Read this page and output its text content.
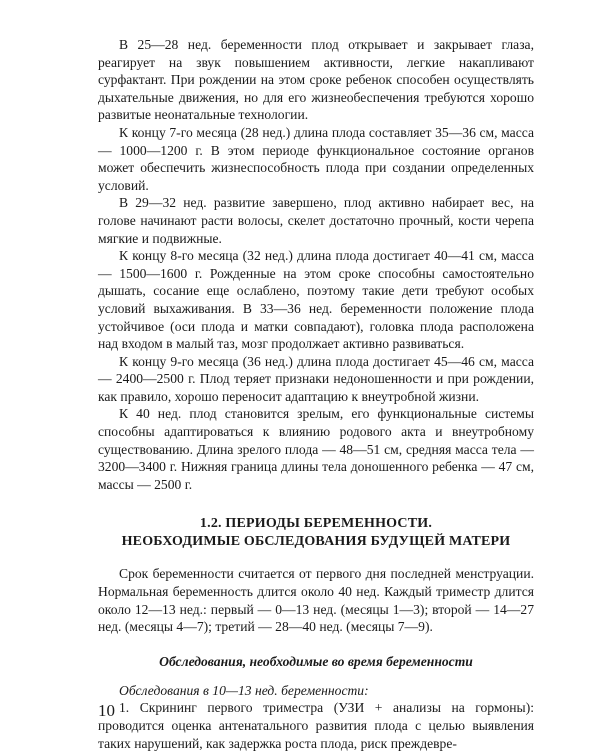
В 25—28 нед. беременности плод открывает и закрывает глаза, реагирует на звук повышением активности, легкие накапливают сурфактант. При рождении на этом сроке ребенок способен осуществлять дыхательные движения, но для его жизнеобеспечения требуются хорошо развитые неонатальные технологии.

К концу 7-го месяца (28 нед.) длина плода составляет 35—36 см, масса — 1000—1200 г. В этом периоде функциональное состояние органов может обеспечить жизнеспособность плода при создании определенных условий.

В 29—32 нед. развитие завершено, плод активно набирает вес, на голове начинают расти волосы, скелет достаточно прочный, кости черепа мягкие и подвижные.

К концу 8-го месяца (32 нед.) длина плода достигает 40—41 см, масса — 1500—1600 г. Рожденные на этом сроке способны самостоятельно дышать, сосание еще ослаблено, поэтому такие дети требуют особых условий выхаживания. В 33—36 нед. беременности положение плода устойчивое (оси плода и матки совпадают), головка плода расположена над входом в малый таз, мозг продолжает активно развиваться.

К концу 9-го месяца (36 нед.) длина плода достигает 45—46 см, масса — 2400—2500 г. Плод теряет признаки недоношенности и при рождении, как правило, хорошо переносит адаптацию к внеутробной жизни.

К 40 нед. плод становится зрелым, его функциональные системы способны адаптироваться к влиянию родового акта и внеутробному существованию. Длина зрелого плода — 48—51 см, средняя масса тела — 3200—3400 г. Нижняя граница длины тела доношенного ребенка — 47 см, массы — 2500 г.

1.2. ПЕРИОДЫ БЕРЕМЕННОСТИ.
НЕОБХОДИМЫЕ ОБСЛЕДОВАНИЯ БУДУЩЕЙ МАТЕРИ

Срок беременности считается от первого дня последней менструации. Нормальная беременность длится около 40 нед. Каждый триместр длится около 12—13 нед.: первый — 0—13 нед. (месяцы 1—3); второй — 14—27 нед. (месяцы 4—7); третий — 28—40 нед. (месяцы 7—9).

Обследования, необходимые во время беременности

Обследования в 10—13 нед. беременности:

1. Скрининг первого триместра (УЗИ + анализы на гормоны): проводится оценка антенатального развития плода с целью выявления таких нарушений, как задержка роста плода, риск преждевре-

10
